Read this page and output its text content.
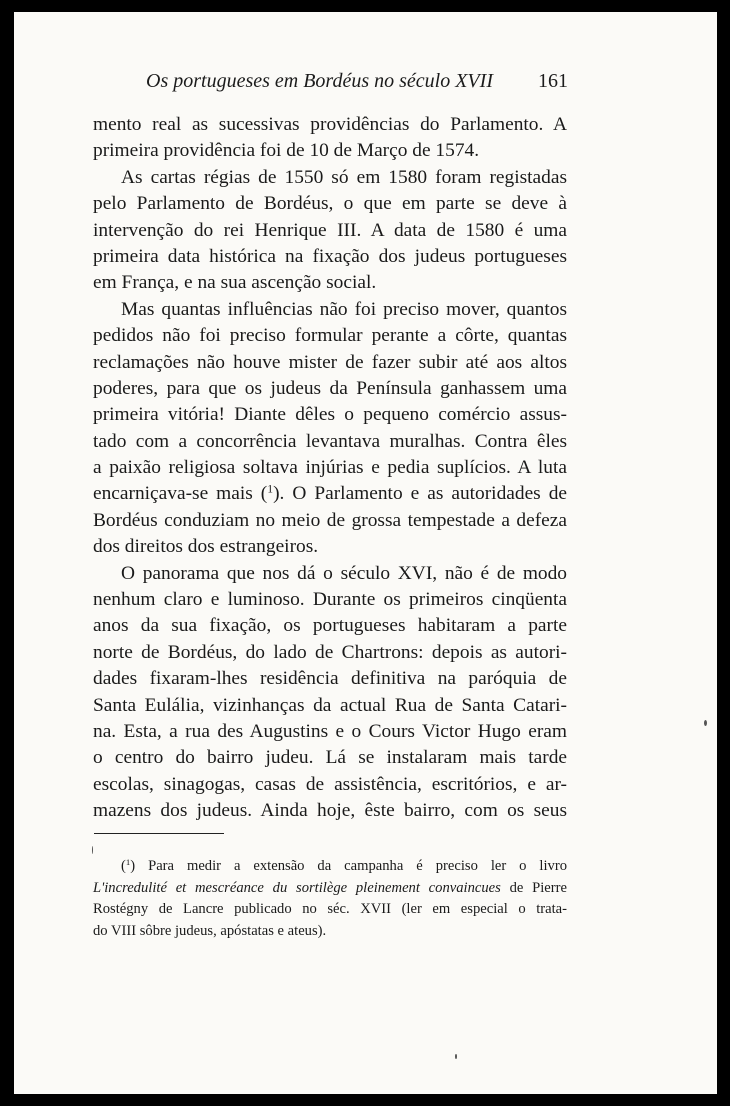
Os portugueses em Bordéus no século XVII 161

mento real as sucessivas providências do Parlamento. A

primeira providência foi de 10 de Março de 1574.

As cartas régias de 1550 só em 1580 foram registadas

pelo Parlamento de Bordéus, o que em parte se deve à

intervenção do rei Henrique III. A data de 1580 é uma

primeira data histórica na fixação dos judeus portugueses

em França, e na sua ascenção social.

Mas quantas influências não foi preciso mover, quantos

pedidos não foi preciso formular perante a côrte, quantas

reclamações não houve mister de fazer subir até aos altos

poderes, para que os judeus da Península ganhassem uma

primeira vitória! Diante dêles o pequeno comércio assus-

tado com a concorrência levantava muralhas. Contra êles

a paixão religiosa soltava injúrias e pedia suplícios. A luta

encarniçava-se mais ($^1$). O Parlamento e as autoridades de

Bordéus conduziam no meio de grossa tempestade a defeza

dos direitos dos estrangeiros.

O panorama que nos dá o século XVI, não é de modo

nenhum claro e luminoso. Durante os primeiros cinqüenta

anos da sua fixação, os portugueses habitaram a parte

norte de Bordéus, do lado de Chartrons: depois as autori-

dades fixaram-lhes residência definitiva na paróquia de

Santa Eulália, vizinhanças da actual Rua de Santa Catari-

na. Esta, a rua des Augustins e o Cours Victor Hugo eram

o centro do bairro judeu. Lá se instalaram mais tarde

escolas, sinagogas, casas de assistência, escritórios, e ar-

mazens dos judeus. Ainda hoje, êste bairro, com os seus

($^1$) Para medir a extensão da campanha é preciso ler o livro

L'incredulité et mescréance du sortilège pleinement convaincues de Pierre

Rostégny de Lancre publicado no séc. XVII (ler em especial o trata-

do VIII sôbre judeus, apóstatas e ateus).
